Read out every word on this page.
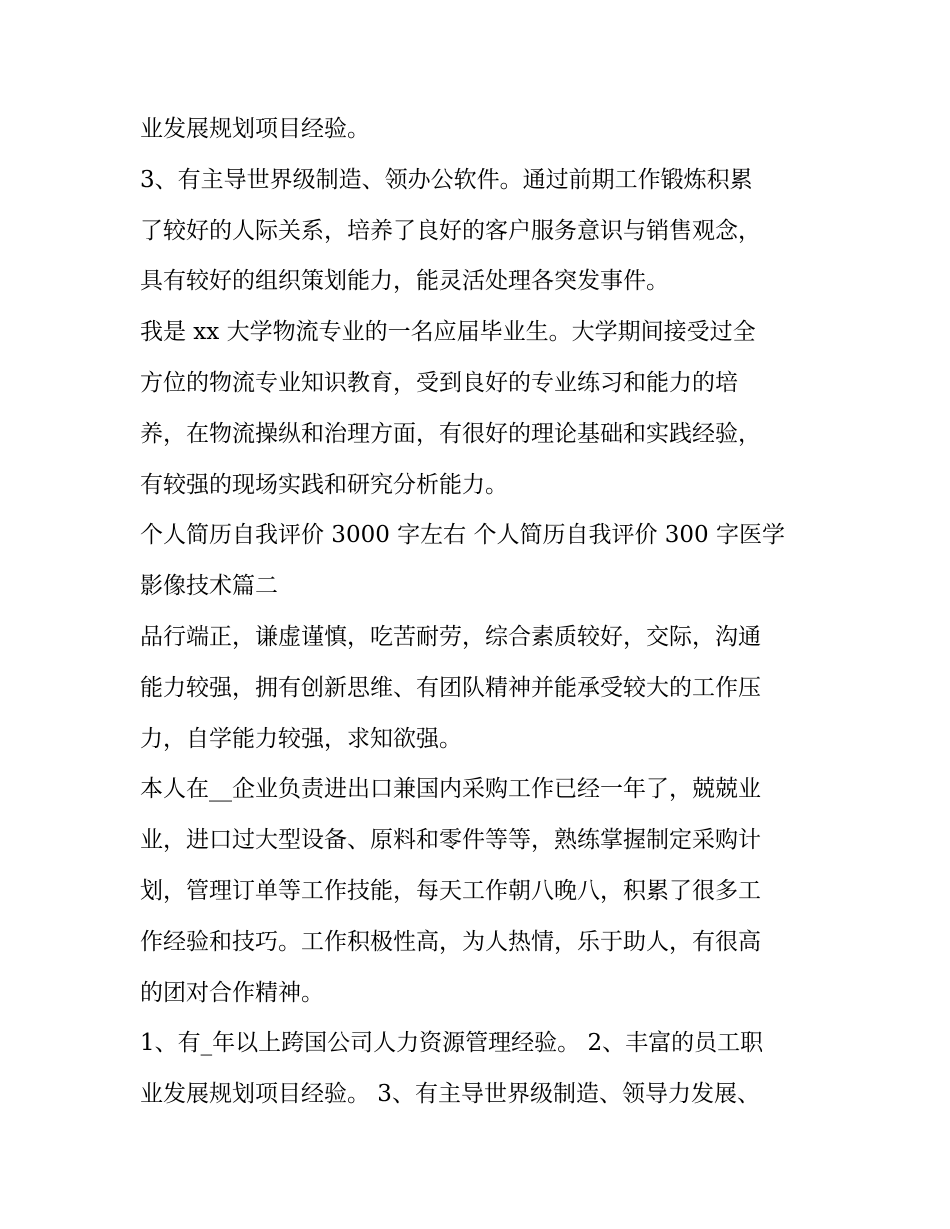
业发展规划项目经验。
3、有主导世界级制造、领办公软件。通过前期工作锻炼积累
了较好的人际关系，培养了良好的客户服务意识与销售观念，
具有较好的组织策划能力，能灵活处理各突发事件。
我是 xx 大学物流专业的一名应届毕业生。大学期间接受过全
方位的物流专业知识教育，受到良好的专业练习和能力的培
养，在物流操纵和治理方面，有很好的理论基础和实践经验，
有较强的现场实践和研究分析能力。
个人简历自我评价 3000 字左右 个人简历自我评价 300 字医学
影像技术篇二
品行端正，谦虚谨慎，吃苦耐劳，综合素质较好，交际，沟通
能力较强，拥有创新思维、有团队精神并能承受较大的工作压
力，自学能力较强，求知欲强。
本人在__企业负责进出口兼国内采购工作已经一年了，兢兢业
业，进口过大型设备、原料和零件等等，熟练掌握制定采购计
划，管理订单等工作技能，每天工作朝八晚八，积累了很多工
作经验和技巧。工作积极性高，为人热情，乐于助人，有很高
的团对合作精神。
1、有_年以上跨国公司人力资源管理经验。 2、丰富的员工职
业发展规划项目经验。 3、有主导世界级制造、领导力发展、
